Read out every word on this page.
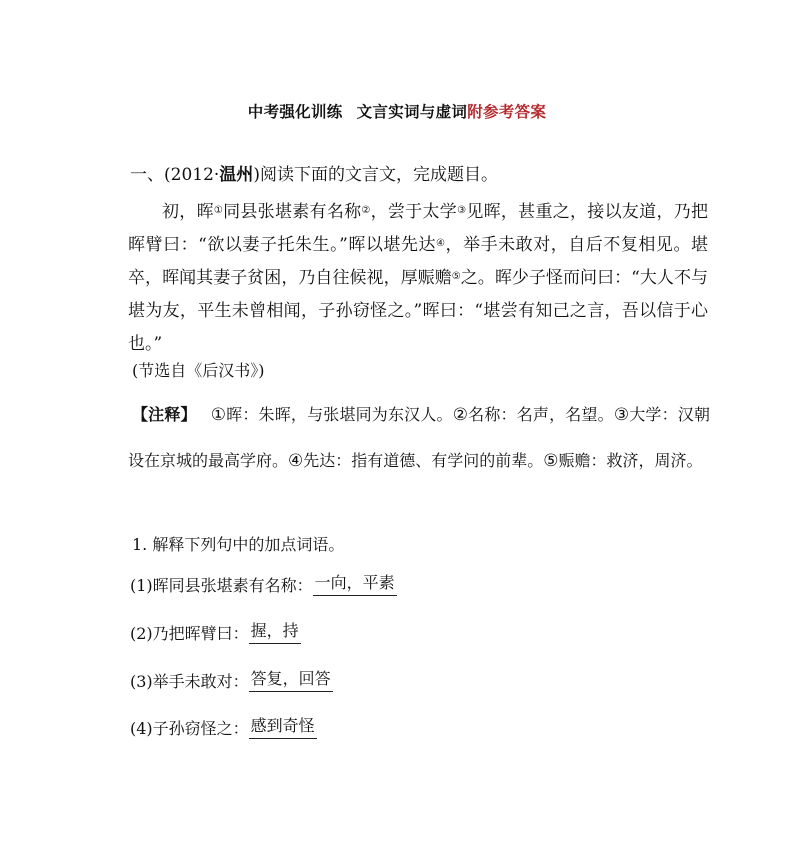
中考强化训练 文言实词与虚词附参考答案
一、(2012·温州)阅读下面的文言文，完成题目。
初，晖①同县张堪素有名称②，尝于太学③见晖，甚重之，接以友道，乃把晖臂曰：“欲以妻子托朱生。”晖以堪先达④，举手未敢对，自后不复相见。堪卒，晖闻其妻子贫困，乃自往候视，厚赈赡⑤之。晖少子怪而问曰：“大人不与堪为友，平生未曾相闻，子孙窃怪之。”晖曰：“堪尝有知己之言，吾以信于心也。”
(节选自《后汉书》)
【注释】 ①晖：朱晖，与张堪同为东汉人。②名称：名声，名望。③大学：汉朝设在京城的最高学府。④先达：指有道德、有学问的前辈。⑤赈赡：救济，周济。
1. 解释下列句中的加点词语。
(1)晖同县张堪素有名称： 一向，平素
(2)乃把晖臂曰： 握，持
(3)举手未敢对： 答复，回答
(4)子孙窃怪之： 感到奇怪
